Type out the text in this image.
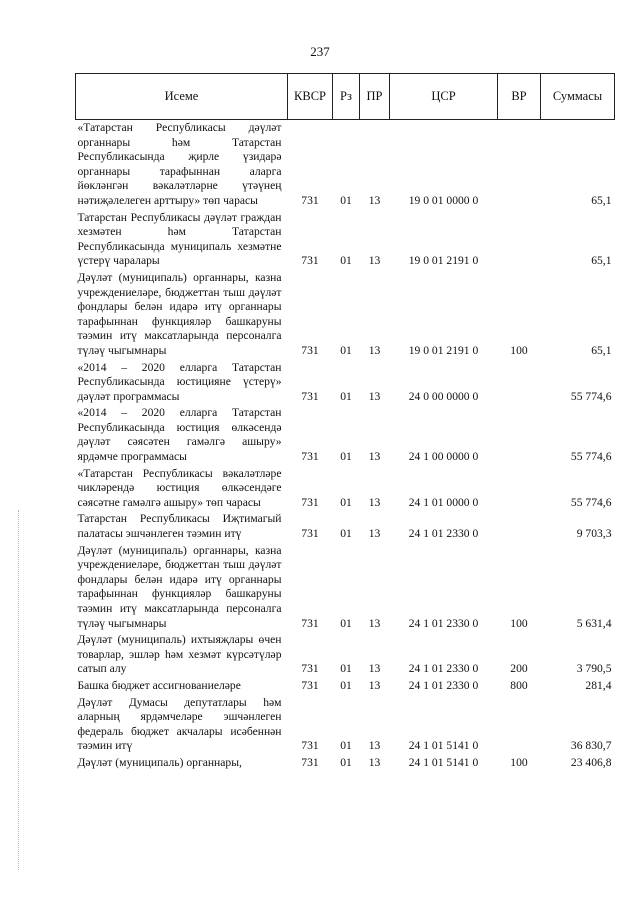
237
Исеме	КВСР	Рз	ПР	ЦСР	ВР	Суммасы
«Татарстан Республикасы дәүләт органнары һәм Татарстан Республикасында җирле үзидарә органнары тарафыннан аларга йөкләнгән вәкаләтләрне үтәүнең нәтиҗәлелеген арттыру» төп чарасы	731	01	13	19 0 01 0000 0		65,1
Татарстан Республикасы дәүләт граждан хезмәтен һәм Татарстан Республикасында муниципаль хезмәтне үстерү чаралары	731	01	13	19 0 01 2191 0		65,1
Дәүләт (муниципаль) органнары, казна учреждениеләре, бюджеттан тыш дәүләт фондлары белән идарә итү органнары тарафыннан функцияләр башкаруны тәэмин итү максатларында персоналга түләү чыгымнары	731	01	13	19 0 01 2191 0	100	65,1
«2014 – 2020 елларга Татарстан Республикасында юстицияне үстерү» дәүләт программасы	731	01	13	24 0 00 0000 0		55 774,6
«2014 – 2020 елларга Татарстан Республикасында юстиция өлкәсендә дәүләт сәясәтен гамәлгә ашыру» ярдәмче программасы	731	01	13	24 1 00 0000 0		55 774,6
«Татарстан Республикасы вәкаләтләре чикләрендә юстиция өлкәсендәге сәясәтне гамәлгә ашыру» төп чарасы	731	01	13	24 1 01 0000 0		55 774,6
Татарстан Республикасы Иҗтимагый палатасы эшчәнлеген тәэмин итү	731	01	13	24 1 01 2330 0		9 703,3
Дәүләт (муниципаль) органнары, казна учреждениеләре, бюджеттан тыш дәүләт фондлары белән идарә итү органнары тарафыннан функцияләр башкаруны тәэмин итү максатларында персоналга түләү чыгымнары	731	01	13	24 1 01 2330 0	100	5 631,4
Дәүләт (муниципаль) ихтыяҗлары өчен товарлар, эшләр һәм хезмәт күрсәтүләр сатып алу	731	01	13	24 1 01 2330 0	200	3 790,5
Башка бюджет ассигнованиеләре	731	01	13	24 1 01 2330 0	800	281,4
Дәүләт Думасы депутатлары һәм аларның ярдәмчеләре эшчәнлеген федераль бюджет акчалары исәбеннән тәэмин итү	731	01	13	24 1 01 5141 0		36 830,7
Дәүләт (муниципаль) органнары,	731	01	13	24 1 01 5141 0	100	23 406,8
